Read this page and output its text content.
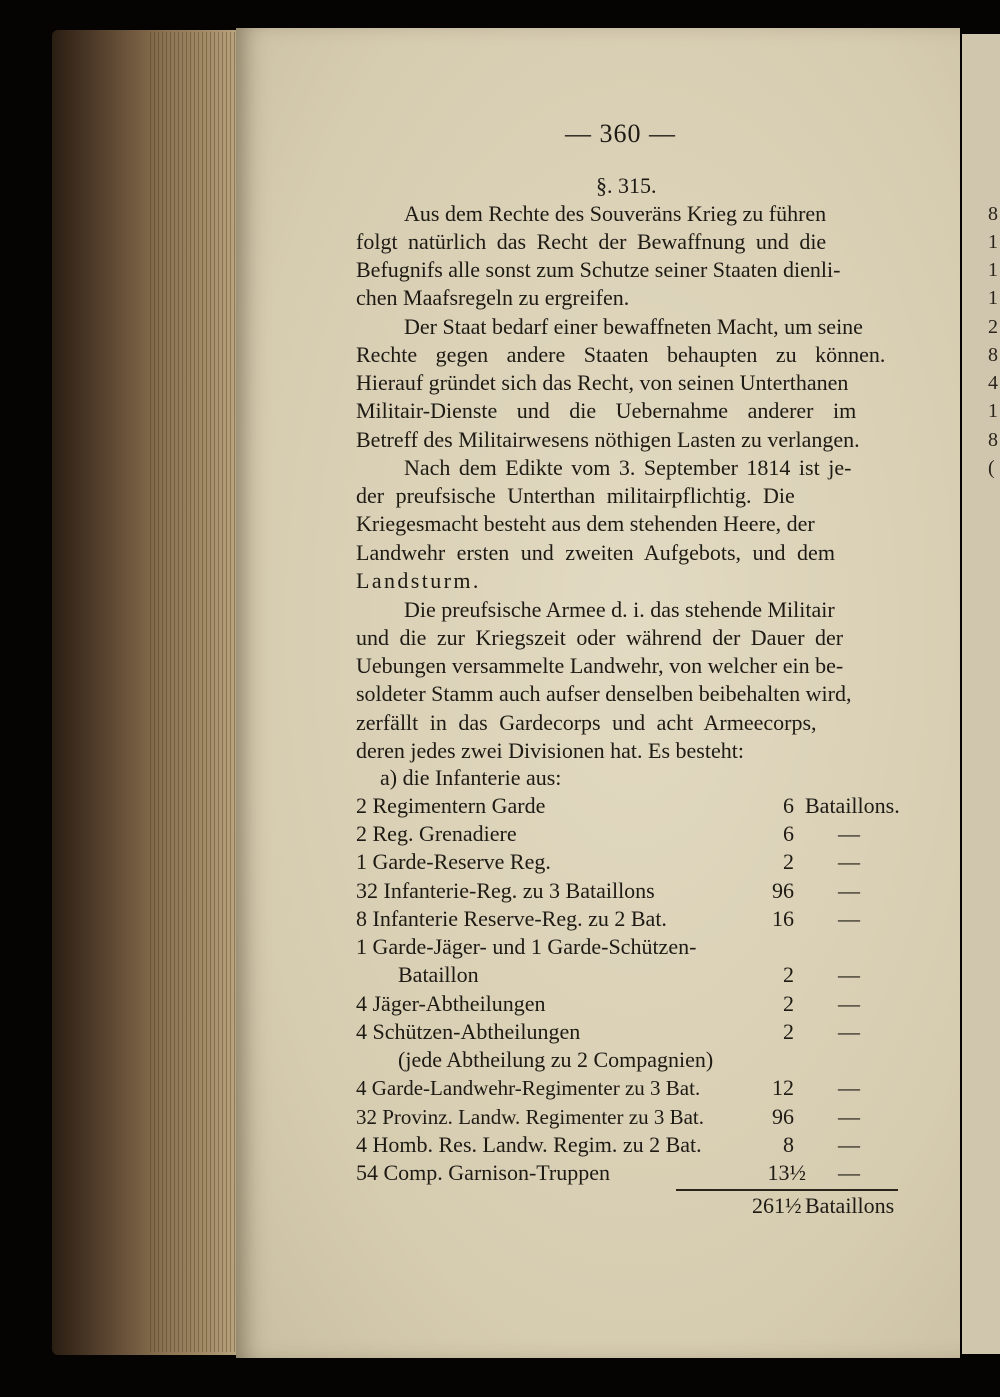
— 360 —
§. 315.
Aus dem Rechte des Souveräns Krieg zu führen
folgt natürlich das Recht der Bewaffnung und die
Befugnifs alle sonst zum Schutze seiner Staaten dienli-
chen Maafsregeln zu ergreifen.
Der Staat bedarf einer bewaffneten Macht, um seine
Rechte gegen andere Staaten behaupten zu können.
Hierauf gründet sich das Recht, von seinen Unterthanen
Militair-Dienste und die Uebernahme anderer im
Betreff des Militairwesens nöthigen Lasten zu verlangen.
Nach dem Edikte vom 3. September 1814 ist je-
der preufsische Unterthan militairpflichtig. Die
Kriegesmacht besteht aus dem stehenden Heere, der
Landwehr ersten und zweiten Aufgebots, und dem
Landsturm.
Die preufsische Armee d. i. das stehende Militair
und die zur Kriegszeit oder während der Dauer der
Uebungen versammelte Landwehr, von welcher ein be-
soldeter Stamm auch aufser denselben beibehalten wird,
zerfällt in das Gardecorps und acht Armeecorps,
deren jedes zwei Divisionen hat. Es besteht:
a) die Infanterie aus:
2 Regimentern Garde	6 Bataillons.
2 Reg. Grenadiere	6 —
1 Garde-Reserve Reg.	2 —
32 Infanterie-Reg. zu 3 Bataillons	96 —
8 Infanterie Reserve-Reg. zu 2 Bat.	16 —
1 Garde-Jäger- und 1 Garde-Schützen-
Bataillon	2 —
4 Jäger-Abtheilungen	2 —
4 Schützen-Abtheilungen	2 —
(jede Abtheilung zu 2 Compagnien)
4 Garde-Landwehr-Regimenter zu 3 Bat.	12 —
32 Provinz. Landw. Regimenter zu 3 Bat.	96 —
4 Homb. Res. Landw. Regim. zu 2 Bat.	8 —
54 Comp. Garnison-Truppen	13½ —
261½ Bataillons
8
1
1
1
2
8
4
1
8
(
